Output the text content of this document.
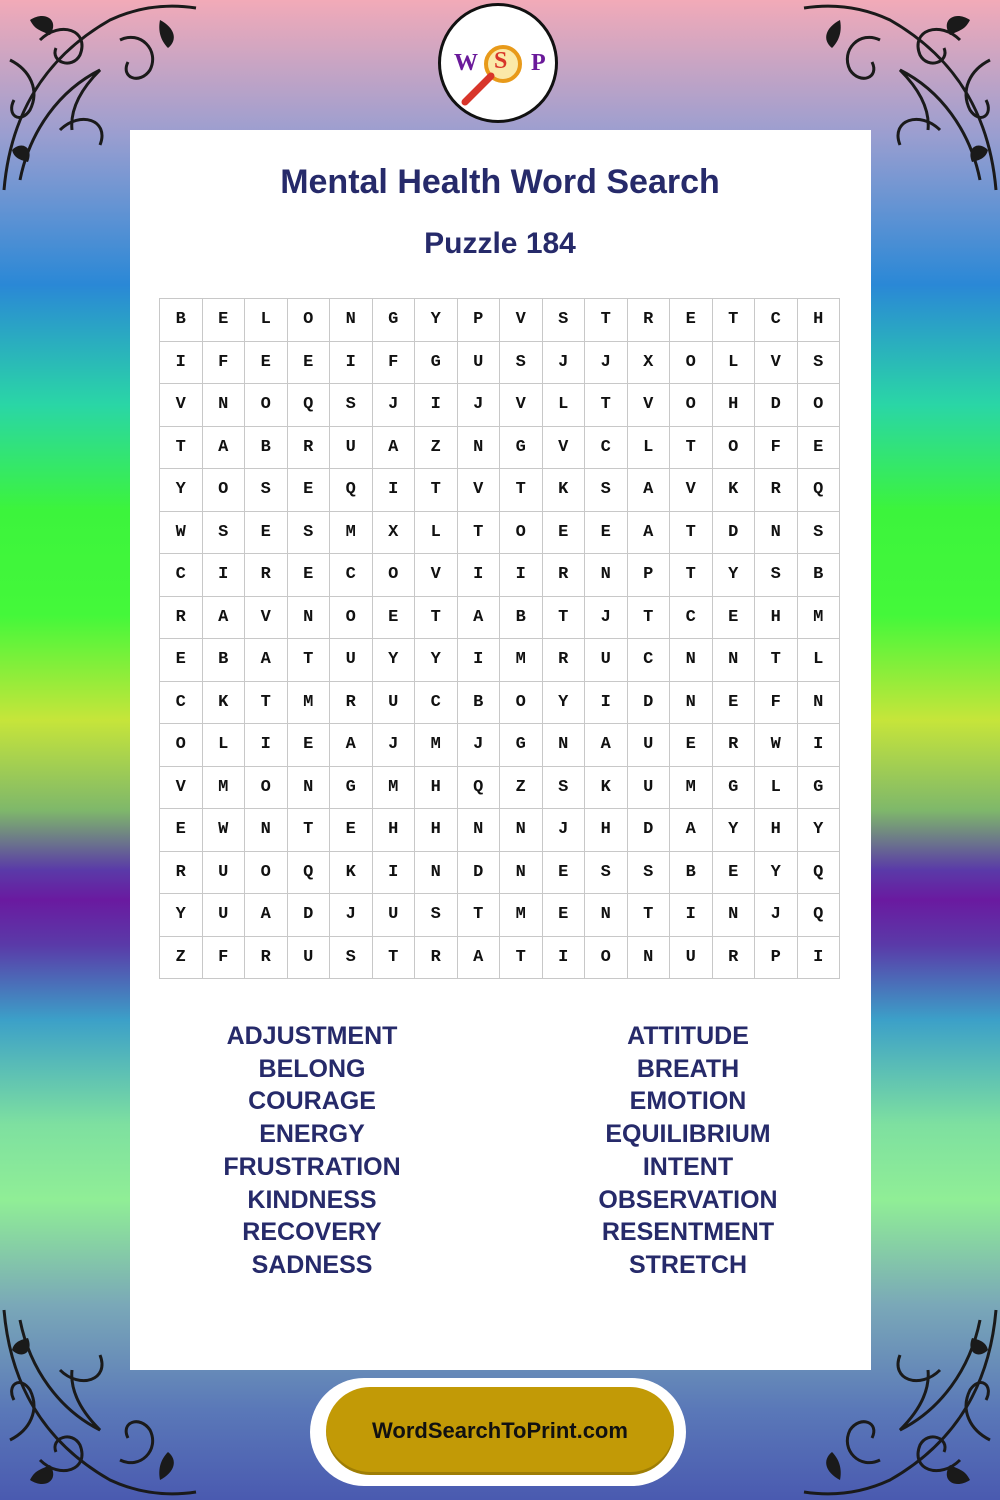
W S P
Mental Health Word Search
Puzzle 184
B	E	L	O	N	G	Y	P	V	S	T	R	E	T	C	H
I	F	E	E	I	F	G	U	S	J	J	X	O	L	V	S
V	N	O	Q	S	J	I	J	V	L	T	V	O	H	D	O
T	A	B	R	U	A	Z	N	G	V	C	L	T	O	F	E
Y	O	S	E	Q	I	T	V	T	K	S	A	V	K	R	Q
W	S	E	S	M	X	L	T	O	E	E	A	T	D	N	S
C	I	R	E	C	O	V	I	I	R	N	P	T	Y	S	B
R	A	V	N	O	E	T	A	B	T	J	T	C	E	H	M
E	B	A	T	U	Y	Y	I	M	R	U	C	N	N	T	L
C	K	T	M	R	U	C	B	O	Y	I	D	N	E	F	N
O	L	I	E	A	J	M	J	G	N	A	U	E	R	W	I
V	M	O	N	G	M	H	Q	Z	S	K	U	M	G	L	G
E	W	N	T	E	H	H	N	N	J	H	D	A	Y	H	Y
R	U	O	Q	K	I	N	D	N	E	S	S	B	E	Y	Q
Y	U	A	D	J	U	S	T	M	E	N	T	I	N	J	Q
Z	F	R	U	S	T	R	A	T	I	O	N	U	R	P	I
ADJUSTMENT
BELONG
COURAGE
ENERGY
FRUSTRATION
KINDNESS
RECOVERY
SADNESS
ATTITUDE
BREATH
EMOTION
EQUILIBRIUM
INTENT
OBSERVATION
RESENTMENT
STRETCH
WordSearchToPrint.com
